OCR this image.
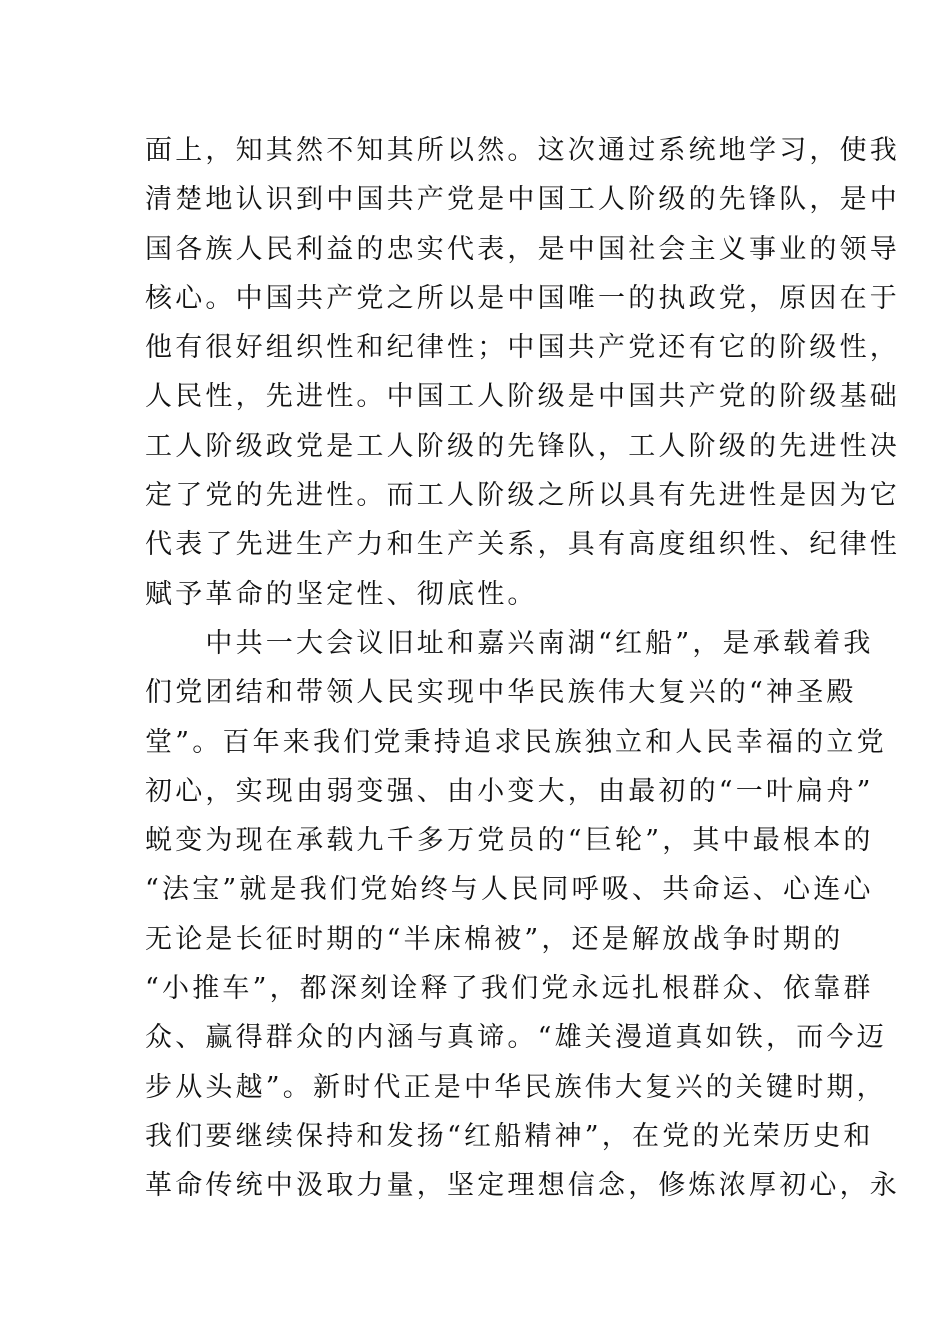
面上，知其然不知其所以然。这次通过系统地学习，使我
清楚地认识到中国共产党是中国工人阶级的先锋队，是中
国各族人民利益的忠实代表，是中国社会主义事业的领导
核心。中国共产党之所以是中国唯一的执政党，原因在于
他有很好组织性和纪律性；中国共产党还有它的阶级性，
人民性，先进性。中国工人阶级是中国共产党的阶级基础
工人阶级政党是工人阶级的先锋队，工人阶级的先进性决
定了党的先进性。而工人阶级之所以具有先进性是因为它
代表了先进生产力和生产关系，具有高度组织性、纪律性
赋予革命的坚定性、彻底性。
　　中共一大会议旧址和嘉兴南湖“红船”，是承载着我
们党团结和带领人民实现中华民族伟大复兴的“神圣殿
堂”。百年来我们党秉持追求民族独立和人民幸福的立党
初心，实现由弱变强、由小变大，由最初的“一叶扁舟”
蜕变为现在承载九千多万党员的“巨轮”，其中最根本的
“法宝”就是我们党始终与人民同呼吸、共命运、心连心
无论是长征时期的“半床棉被”，还是解放战争时期的
“小推车”，都深刻诠释了我们党永远扎根群众、依靠群
众、赢得群众的内涵与真谛。“雄关漫道真如铁，而今迈
步从头越”。新时代正是中华民族伟大复兴的关键时期，
我们要继续保持和发扬“红船精神”，在党的光荣历史和
革命传统中汲取力量，坚定理想信念，修炼浓厚初心，永
